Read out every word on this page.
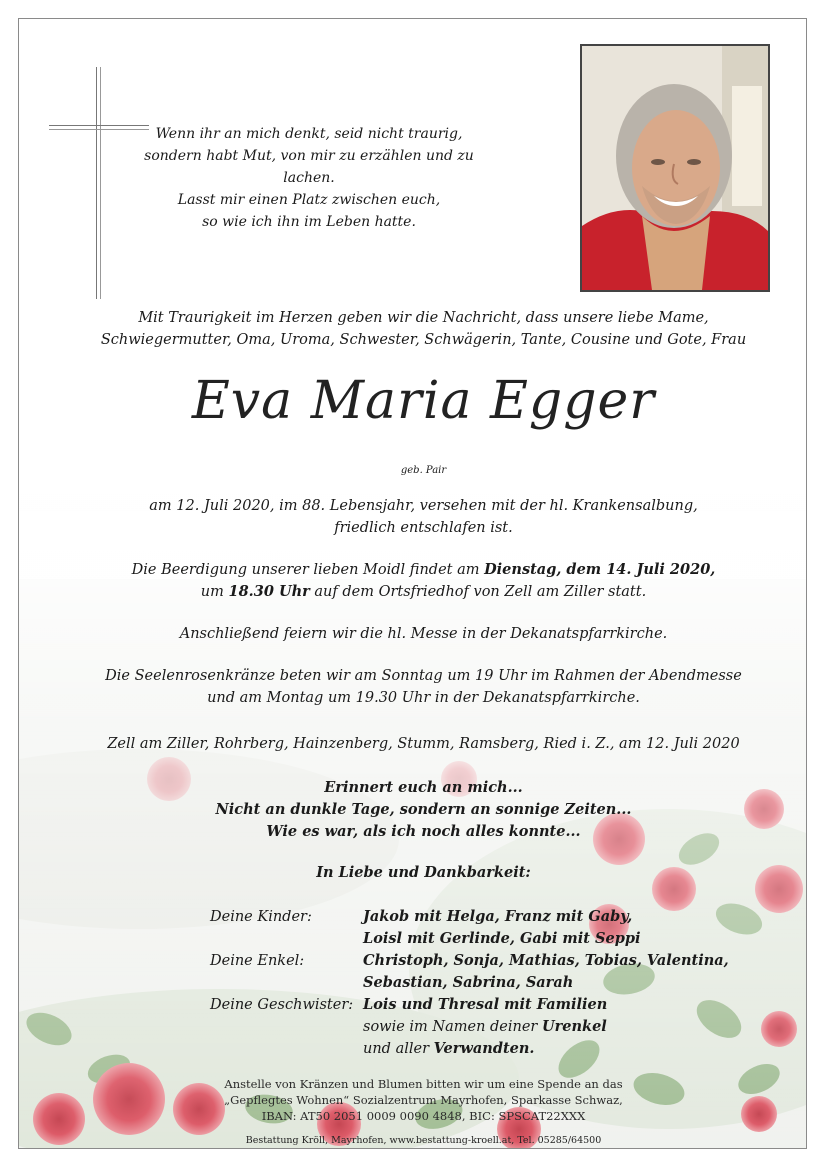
Wenn ihr an mich denkt, seid nicht traurig,
sondern habt Mut, von mir zu erzählen und zu lachen.
Lasst mir einen Platz zwischen euch,
so wie ich ihn im Leben hatte.
Mit Traurigkeit im Herzen geben wir die Nachricht, dass unsere liebe Mame,
Schwiegermutter, Oma, Uroma, Schwester, Schwägerin, Tante, Cousine und Gote, Frau
Eva Maria Egger
geb. Pair
am 12. Juli 2020, im 88. Lebensjahr, versehen mit der hl. Krankensalbung,
friedlich entschlafen ist.
Die Beerdigung unserer lieben Moidl findet am Dienstag, dem 14. Juli 2020,
um 18.30 Uhr auf dem Ortsfriedhof von Zell am Ziller statt.
Anschließend feiern wir die hl. Messe in der Dekanatspfarrkirche.
Die Seelenrosenkränze beten wir am Sonntag um 19 Uhr im Rahmen der Abendmesse
und am Montag um 19.30 Uhr in der Dekanatspfarrkirche.
Zell am Ziller, Rohrberg, Hainzenberg, Stumm, Ramsberg, Ried i. Z., am 12. Juli 2020
Erinnert euch an mich...
Nicht an dunkle Tage, sondern an sonnige Zeiten...
Wie es war, als ich noch alles konnte...
In Liebe und Dankbarkeit:
Deine Kinder:	Jakob mit Helga, Franz mit Gaby,
Loisl mit Gerlinde, Gabi mit Seppi
Deine Enkel:	Christoph, Sonja, Mathias, Tobias, Valentina,
Sebastian, Sabrina, Sarah
Deine Geschwister: Lois und Thresal mit Familien
sowie im Namen deiner Urenkel
und aller Verwandten.
Anstelle von Kränzen und Blumen bitten wir um eine Spende an das
„Gepflegtes Wohnen“ Sozialzentrum Mayrhofen, Sparkasse Schwaz,
IBAN: AT50 2051 0009 0090 4848, BIC: SPSCAT22XXX
Bestattung Kröll, Mayrhofen, www.bestattung-kroell.at, Tel. 05285/64500
